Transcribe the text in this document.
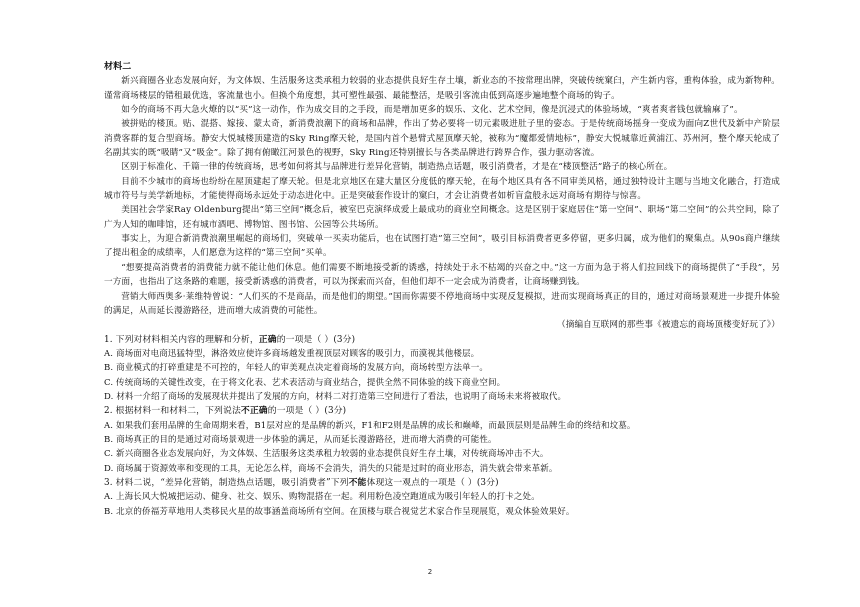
材料二

新兴商圈各业态发展向好，为文体娱、生活服务这类承租力较弱的业态提供良好生存土壤，新业态的不按常理出牌，突破传统窠臼，产生新内容，重构体验，成为新物种。谨常商场楼层的错租最优选，客流量也小。但换个角度想，其可塑性最强、最能整活，是吸引客流由低到高逐步遍地整个商场的钩子。

如今的商场不再大急火燎的以“买”这一动作，作为成交目的之手段，而是增加更多的娱乐、文化、艺术空间，像是沉浸式的体验场域，“爽者爽者钱包就输麻了”。

被拼贴的楼顶。贴、混搭、嫁接、蒙太奇，新消费浪潮下的商场和品牌，作出了势必要将一切元素吸进肚子里的姿态。于是传统商场摇身一变成为面向Z世代及新中产阶层消费客群的复合型商场。静安大悦城楼顶建造的Sky Ring摩天轮，是国内首个悬臂式屋顶摩天轮，被称为“魔都爱情地标”，静安大悦城靠近黄浦江、苏州河，整个摩天轮成了名副其实的既“吸睛”又“吸金”。除了拥有俯瞰江河景色的视野，Sky Ring还特别擅长与各类品牌进行跨界合作，强力驱动客流。

区别于标准化、千篇一律的传统商场，思考如何将其与品牌进行差异化营销，制造热点话题，吸引消费者，才是在“楼顶整活”路子的核心所在。

目前不少城市的商场也纷纷在屋顶建起了摩天轮。但是北京地区在建大量区分度低的摩天轮，在每个地区具有各不同审美风格，通过独特设计主题与当地文化融合，打造成城市符号与美学新地标，才能使得商场永远处于动态进化中。正是突破套作设计的窠臼，才会让消费者如析盲盒般永远对商场有期待与惊喜。

美国社会学家Ray Oldenburg提出“第三空间”概念后，被室巴克演绎成爱上最成功的商业空间概念。这是区别于家庭居住“第一空间”、职场“第二空间”的公共空间，除了广为人知的咖啡馆，还有城市酒吧、博物馆、图书馆、公园等公共场所。

事实上，为迎合新消费浪潮里崛起的商场们，突破单一买卖功能后，也在试图打造”第三空间”，吸引目标消费者更多停留，更多归属，成为他们的聚集点。从90s商户继续了提出租金的成绩率，人们愿意为这样的“第三空间”买单。

“想要提高消费者的消费能力就不能让他们休息。他们需要不断地接受新的诱惑，持续处于永不枯竭的兴奋之中。”这一方面为急于将人们拉回线下的商场提供了“手段”，另一方面，也指出了这条路的难题，接受新诱惑的消费者，可以为探索而兴奋，但他们却不一定会成为消费者，让商场赚到钱。

营销大师西奥多·莱维特曾说：“人们买的不是商品，而是他们的期望。”国而你需要不停地商场中实现反复模拟，进而实现商场真正的目的，通过对商场景观进一步提升体验的满足，从而延长漫游路径，进而增大成消费的可能性。

（摘编自互联网的那些事《被遗忘的商场顶楼变好玩了》）

1. 下列对材料相关内容的理解和分析，正确的一项是（ ）(3分)

A. 商场面对电商迅猛特型，淋洛效应使许多商场越发重视顶层对顾客的吸引力，而漠视其他楼层。

B. 商业模式的打碎重建是不可控的，年轻人的审美观点决定着商场的发展方向，商场转型方法单一。

C. 传统商场的关键性改变，在于将文化表、艺术表活动与商业结合，提供全然不同体验的线下商业空间。

D. 材料一介绍了商场的发展现状并提出了发展的方向，材料二对打造第三空间进行了看法，也说明了商场未来将被取代。

2. 根据材料一和材料二，下列说法不正确的一项是（ ）(3分)

A. 如果我们套用品牌的生命周期来看，B1层对应的是品牌的新兴，F1和F2则是品牌的成长和巅峰，而最顶层则是品牌生命的终结和坟墓。

B. 商场真正的目的是通过对商场景观进一步体验的满足，从而延长漫游路径，进而增大消费的可能性。

C. 新兴商圈各业态发展向好，为文体娱、生活服务这类承租力较弱的业态提供良好生存土壤，对传统商场冲击不大。

D. 商场属于资源效率和变现的工具，无论怎么样，商场不会消失，消失的只能是过时的商业形态，消失就会带来革新。

3. 材料二说，“差异化营销，制造热点话题，吸引消费者”下列不能体现这一观点的一项是（ ）(3分)

A. 上海长风大悦城把运动、健身、社交、娱乐、购物混搭在一起。利用粉色凌空跑道成为吸引年轻人的打卡之处。

B. 北京的侨福芳草地用人类移民火星的故事涵盖商场所有空间。在顶楼与联合视觉艺术家合作呈现展览，观众体验效果好。

2
